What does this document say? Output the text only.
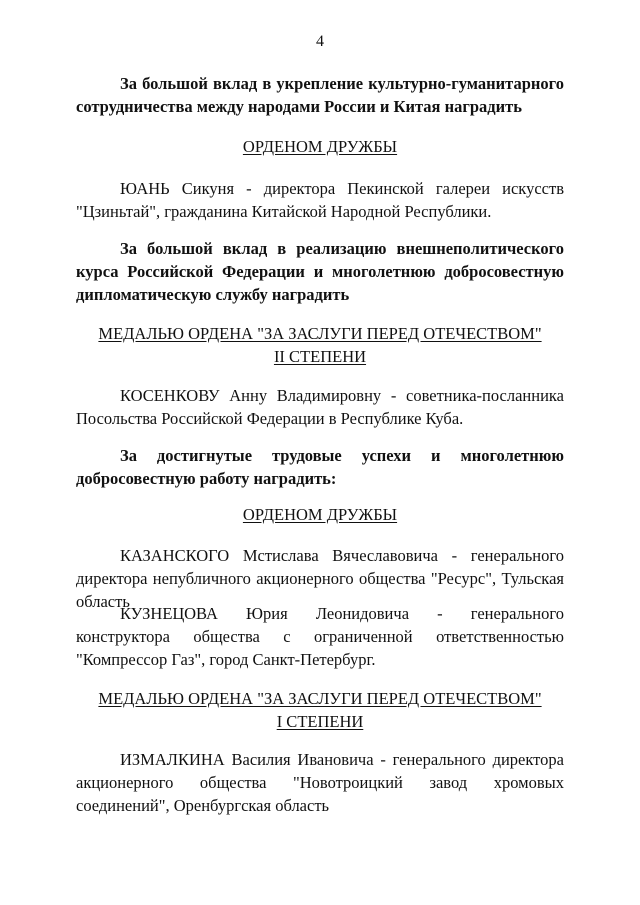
4
За большой вклад в укрепление культурно-гуманитарного сотрудничества между народами России и Китая наградить
ОРДЕНОМ ДРУЖБЫ
ЮАНЬ Сикуня - директора Пекинской галереи искусств "Цзиньтай", гражданина Китайской Народной Республики.
За большой вклад в реализацию внешнеполитического курса Российской Федерации и многолетнюю добросовестную дипломатическую службу наградить
МЕДАЛЬЮ ОРДЕНА "ЗА ЗАСЛУГИ ПЕРЕД ОТЕЧЕСТВОМ"
II СТЕПЕНИ
КОСЕНКОВУ Анну Владимировну - советника-посланника Посольства Российской Федерации в Республике Куба.
За достигнутые трудовые успехи и многолетнюю добросовестную работу наградить:
ОРДЕНОМ ДРУЖБЫ
КАЗАНСКОГО Мстислава Вячеславовича - генерального директора непубличного акционерного общества "Ресурс", Тульская область
КУЗНЕЦОВА Юрия Леонидовича - генерального конструктора общества с ограниченной ответственностью "Компрессор Газ", город Санкт-Петербург.
МЕДАЛЬЮ ОРДЕНА "ЗА ЗАСЛУГИ ПЕРЕД ОТЕЧЕСТВОМ"
I СТЕПЕНИ
ИЗМАЛКИНА Василия Ивановича - генерального директора акционерного общества "Новотроицкий завод хромовых соединений", Оренбургская область
